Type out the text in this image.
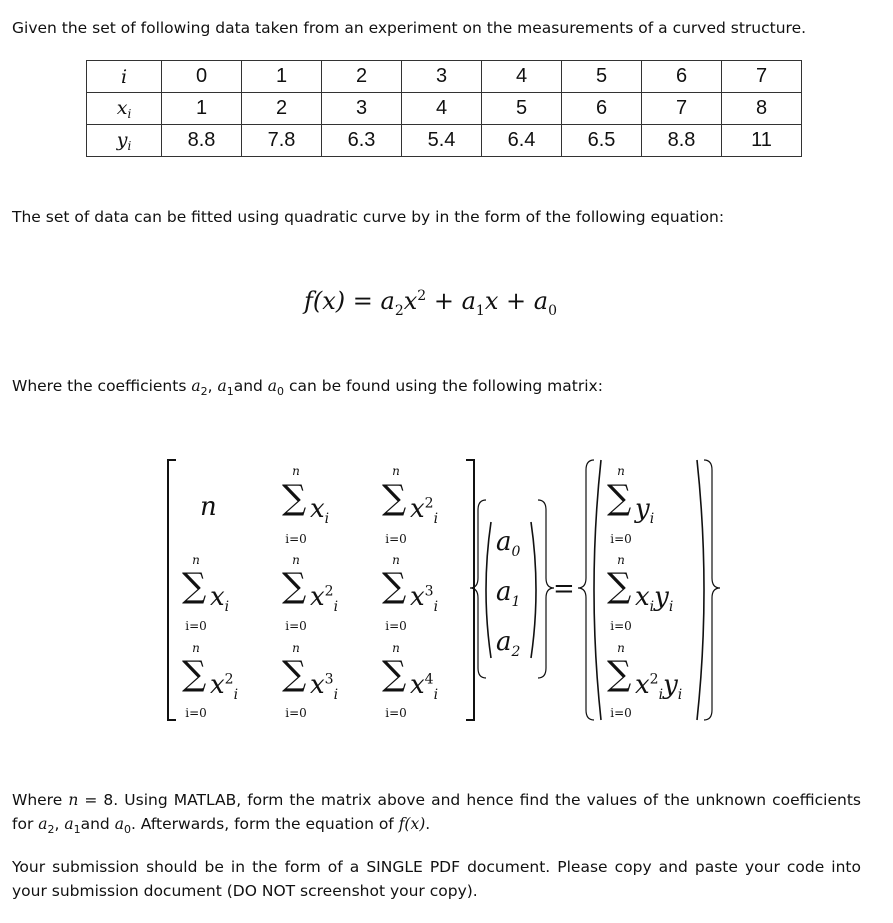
Given the set of following data taken from an experiment on the measurements of a curved structure.
i	0	1	2	3	4	5	6	7
$x_i$	1	2	3	4	5	6	7	8
$y_i$	8.8	7.8	6.3	5.4	6.4	6.5	8.8	11
The set of data can be fitted using quadratic curve by in the form of the following equation:
$f(x) = a_2x^2 + a_1x + a_0$
Where the coefficients $a_2$, $a_1and$ $a_0$ can be found using the following matrix:
n
n
∑ $x_i$
i=0
n
∑ $x^2_i$
i=0
n
∑ $x_i$
i=0
n
∑ $x^2_i$
i=0
n
∑ $x^3_i$
i=0
n
∑ $x^2_i$
i=0
n
∑ $x^3_i$
i=0
n
∑ $x^4_i$
i=0
$a_0$
$a_1$
$a_2$
=
n
∑ $y_i$
i=0
n
∑ $x_iy_i$
i=0
n
∑ $x^2_iy_i$
i=0
Where n = 8. Using MATLAB, form the matrix above and hence find the values of the unknown coefficients for $a_2$, $a_1and$ $a_0$. Afterwards, form the equation of f(x).
Your submission should be in the form of a SINGLE PDF document. Please copy and paste your code into your submission document (DO NOT screenshot your copy).
